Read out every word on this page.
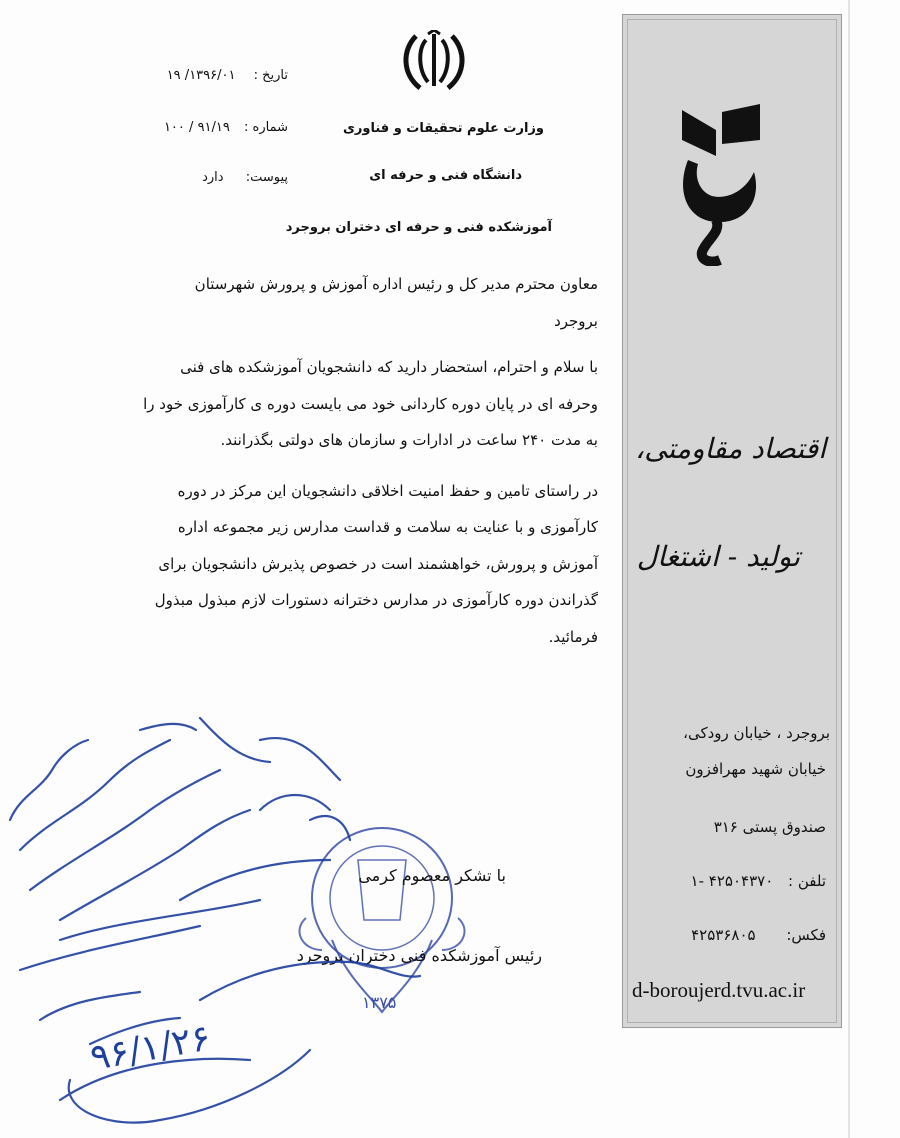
تاریخ : ۱۳۹۶/۰۱/ ۱۹
شماره : ۹۱/۱۹ / ۱۰۰
پیوست: دارد
وزارت علوم تحقیقات و فناوری
دانشگاه فنی و حرفه ای
آموزشکده فنی و حرفه ای دختران بروجرد

معاون محترم مدیر کل و رئیس اداره آموزش و پرورش شهرستان
بروجرد

با سلام و احترام، استحضار دارید که دانشجویان آموزشکده های فنی وحرفه ای در پایان دوره کاردانی خود می بایست دوره ی کارآموزی خود را به مدت ۲۴۰ ساعت در ادارات و سازمان های دولتی بگذرانند.

در راستای تامین و حفظ امنیت اخلاقی دانشجویان این مرکز در دوره کارآموزی و با عنایت به سلامت و قداست مدارس زیر مجموعه اداره آموزش و پرورش، خواهشمند است در خصوص پذیرش دانشجویان برای گذراندن دوره کارآموزی در مدارس دخترانه دستورات لازم مبذول مبذول فرمائید.

اقتصاد مقاومتی،
تولید - اشتغال
بروجرد ، خیابان رودکی،
خیابان شهید مهرافزون
صندوق پستی ۳۱۶
تلفن : ۴۲۵۰۴۳۷۰ -۱
فکس: ۴۲۵۳۶۸۰۵
d-boroujerd.tvu.ac.ir
۱۳۷۵
با تشکر معصوم کرمی
رئیس آموزشکده فنی دختران بروجرد
۹۶/۱/۲۶
